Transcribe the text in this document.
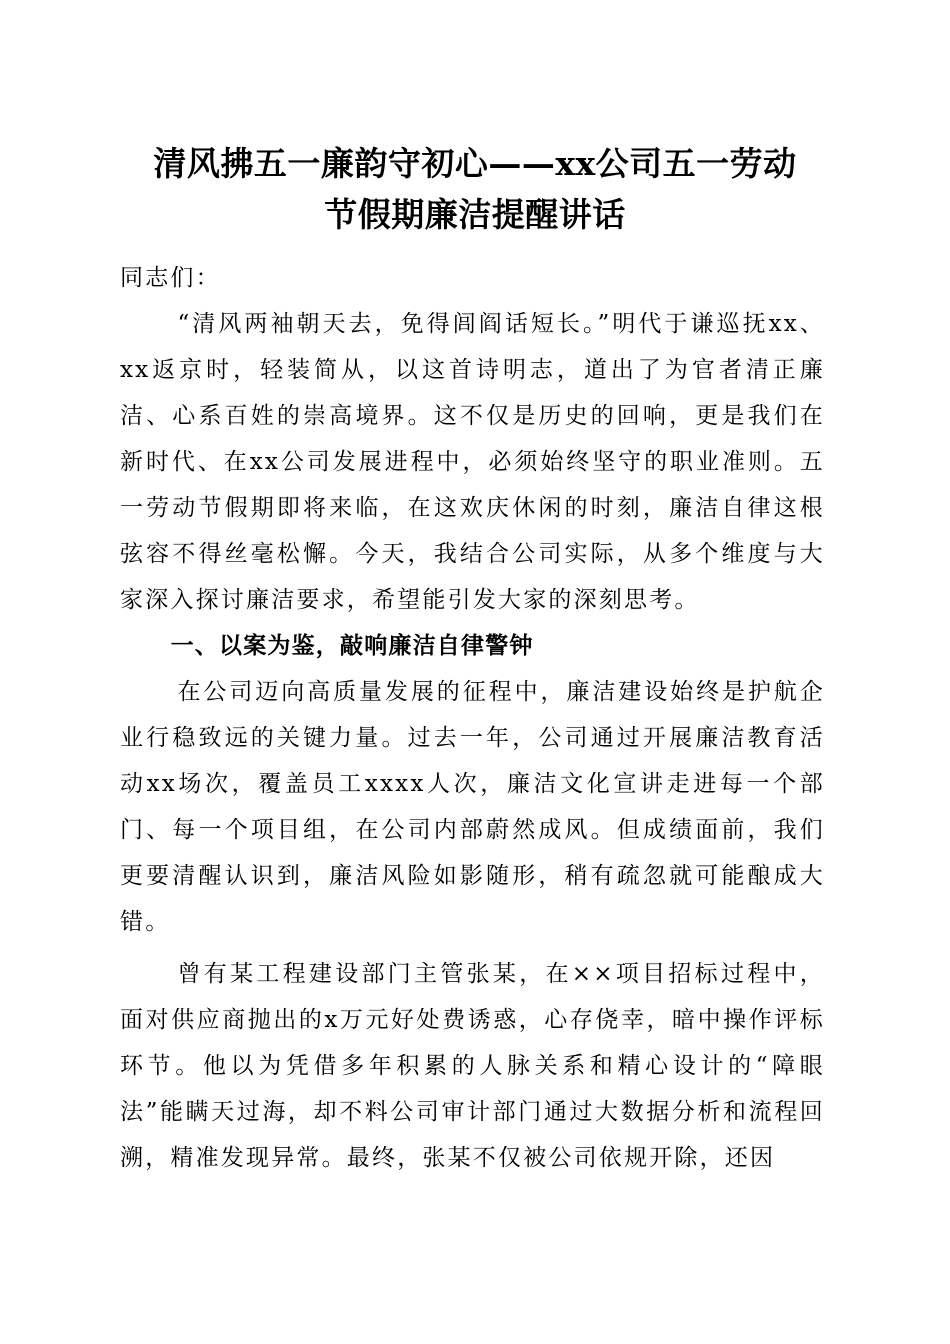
清风拂五一廉韵守初心——xx公司五一劳动
节假期廉洁提醒讲话

同志们：

“清风两袖朝天去，免得闾阎话短长。”明代于谦巡抚xx、xx返京时，轻装简从，以这首诗明志，道出了为官者清正廉洁、心系百姓的崇高境界。这不仅是历史的回响，更是我们在新时代、在xx公司发展进程中，必须始终坚守的职业准则。五一劳动节假期即将来临，在这欢庆休闲的时刻，廉洁自律这根弦容不得丝毫松懈。今天，我结合公司实际，从多个维度与大家深入探讨廉洁要求，希望能引发大家的深刻思考。

一、以案为鉴，敲响廉洁自律警钟

在公司迈向高质量发展的征程中，廉洁建设始终是护航企业行稳致远的关键力量。过去一年，公司通过开展廉洁教育活动xx场次，覆盖员工xxxx人次，廉洁文化宣讲走进每一个部门、每一个项目组，在公司内部蔚然成风。但成绩面前，我们更要清醒认识到，廉洁风险如影随形，稍有疏忽就可能酿成大错。

曾有某工程建设部门主管张某，在××项目招标过程中，面对供应商抛出的x万元好处费诱惑，心存侥幸，暗中操作评标环节。他以为凭借多年积累的人脉关系和精心设计的“障眼法”能瞒天过海，却不料公司审计部门通过大数据分析和流程回溯，精准发现异常。最终，张某不仅被公司依规开除，还因
